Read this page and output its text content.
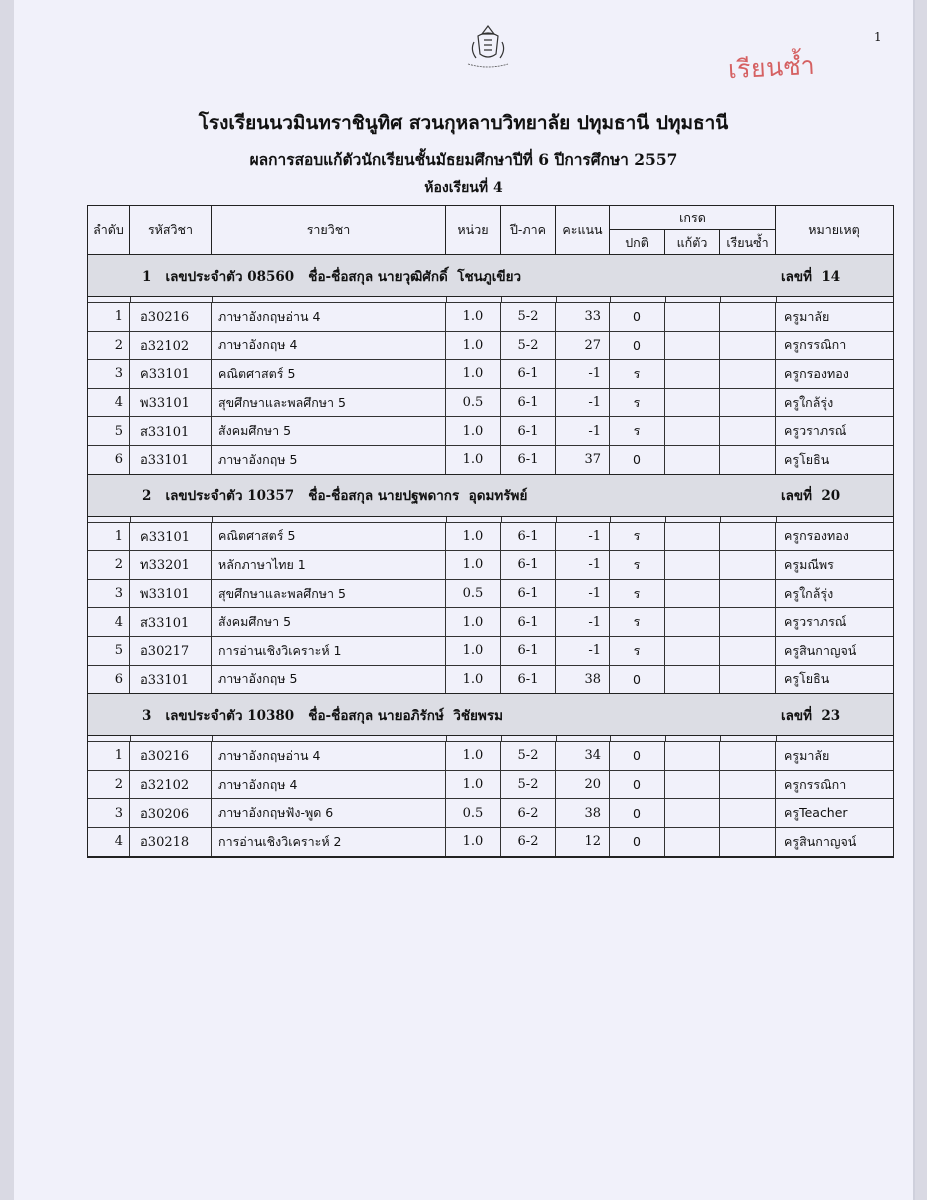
1
เรียนซ้ำ
โรงเรียนนวมินทราชินูทิศ สวนกุหลาบวิทยาลัย ปทุมธานี ปทุมธานี
ผลการสอบแก้ตัวนักเรียนชั้นมัธยมศึกษาปีที่ 6 ปีการศึกษา 2557
ห้องเรียนที่ 4
ลำดับ	รหัสวิชา	รายวิชา	หน่วย	ปี-ภาค	คะแนน
เกรด
ปกติ	แก้ตัว	เรียนซ้ำ
หมายเหตุ
1   เลขประจำตัว 08560   ชื่อ-ชื่อสกุล นายวุฒิศักดิ์  โชนภูเขียว	เลขที่  14
1	อ30216	ภาษาอังกฤษอ่าน 4	1.0	5-2	33	0	ครูมาลัย
2	อ32102	ภาษาอังกฤษ 4	1.0	5-2	27	0	ครูกรรณิกา
3	ค33101	คณิตศาสตร์ 5	1.0	6-1	-1	ร	ครูกรองทอง
4	พ33101	สุขศึกษาและพลศึกษา 5	0.5	6-1	-1	ร	ครูใกล้รุ่ง
5	ส33101	สังคมศึกษา 5	1.0	6-1	-1	ร	ครูวราภรณ์
6	อ33101	ภาษาอังกฤษ 5	1.0	6-1	37	0	ครูโยธิน
2   เลขประจำตัว 10357   ชื่อ-ชื่อสกุล นายปฐพดากร  อุดมทรัพย์	เลขที่  20
1	ค33101	คณิตศาสตร์ 5	1.0	6-1	-1	ร	ครูกรองทอง
2	ท33201	หลักภาษาไทย 1	1.0	6-1	-1	ร	ครูมณีพร
3	พ33101	สุขศึกษาและพลศึกษา 5	0.5	6-1	-1	ร	ครูใกล้รุ่ง
4	ส33101	สังคมศึกษา 5	1.0	6-1	-1	ร	ครูวราภรณ์
5	อ30217	การอ่านเชิงวิเคราะห์ 1	1.0	6-1	-1	ร	ครูสินกาญจน์
6	อ33101	ภาษาอังกฤษ 5	1.0	6-1	38	0	ครูโยธิน
3   เลขประจำตัว 10380   ชื่อ-ชื่อสกุล นายอภิรักษ์  วิชัยพรม	เลขที่  23
1	อ30216	ภาษาอังกฤษอ่าน 4	1.0	5-2	34	0	ครูมาลัย
2	อ32102	ภาษาอังกฤษ 4	1.0	5-2	20	0	ครูกรรณิกา
3	อ30206	ภาษาอังกฤษฟัง-พูด 6	0.5	6-2	38	0	ครูTeacher
4	อ30218	การอ่านเชิงวิเคราะห์ 2	1.0	6-2	12	0	ครูสินกาญจน์
